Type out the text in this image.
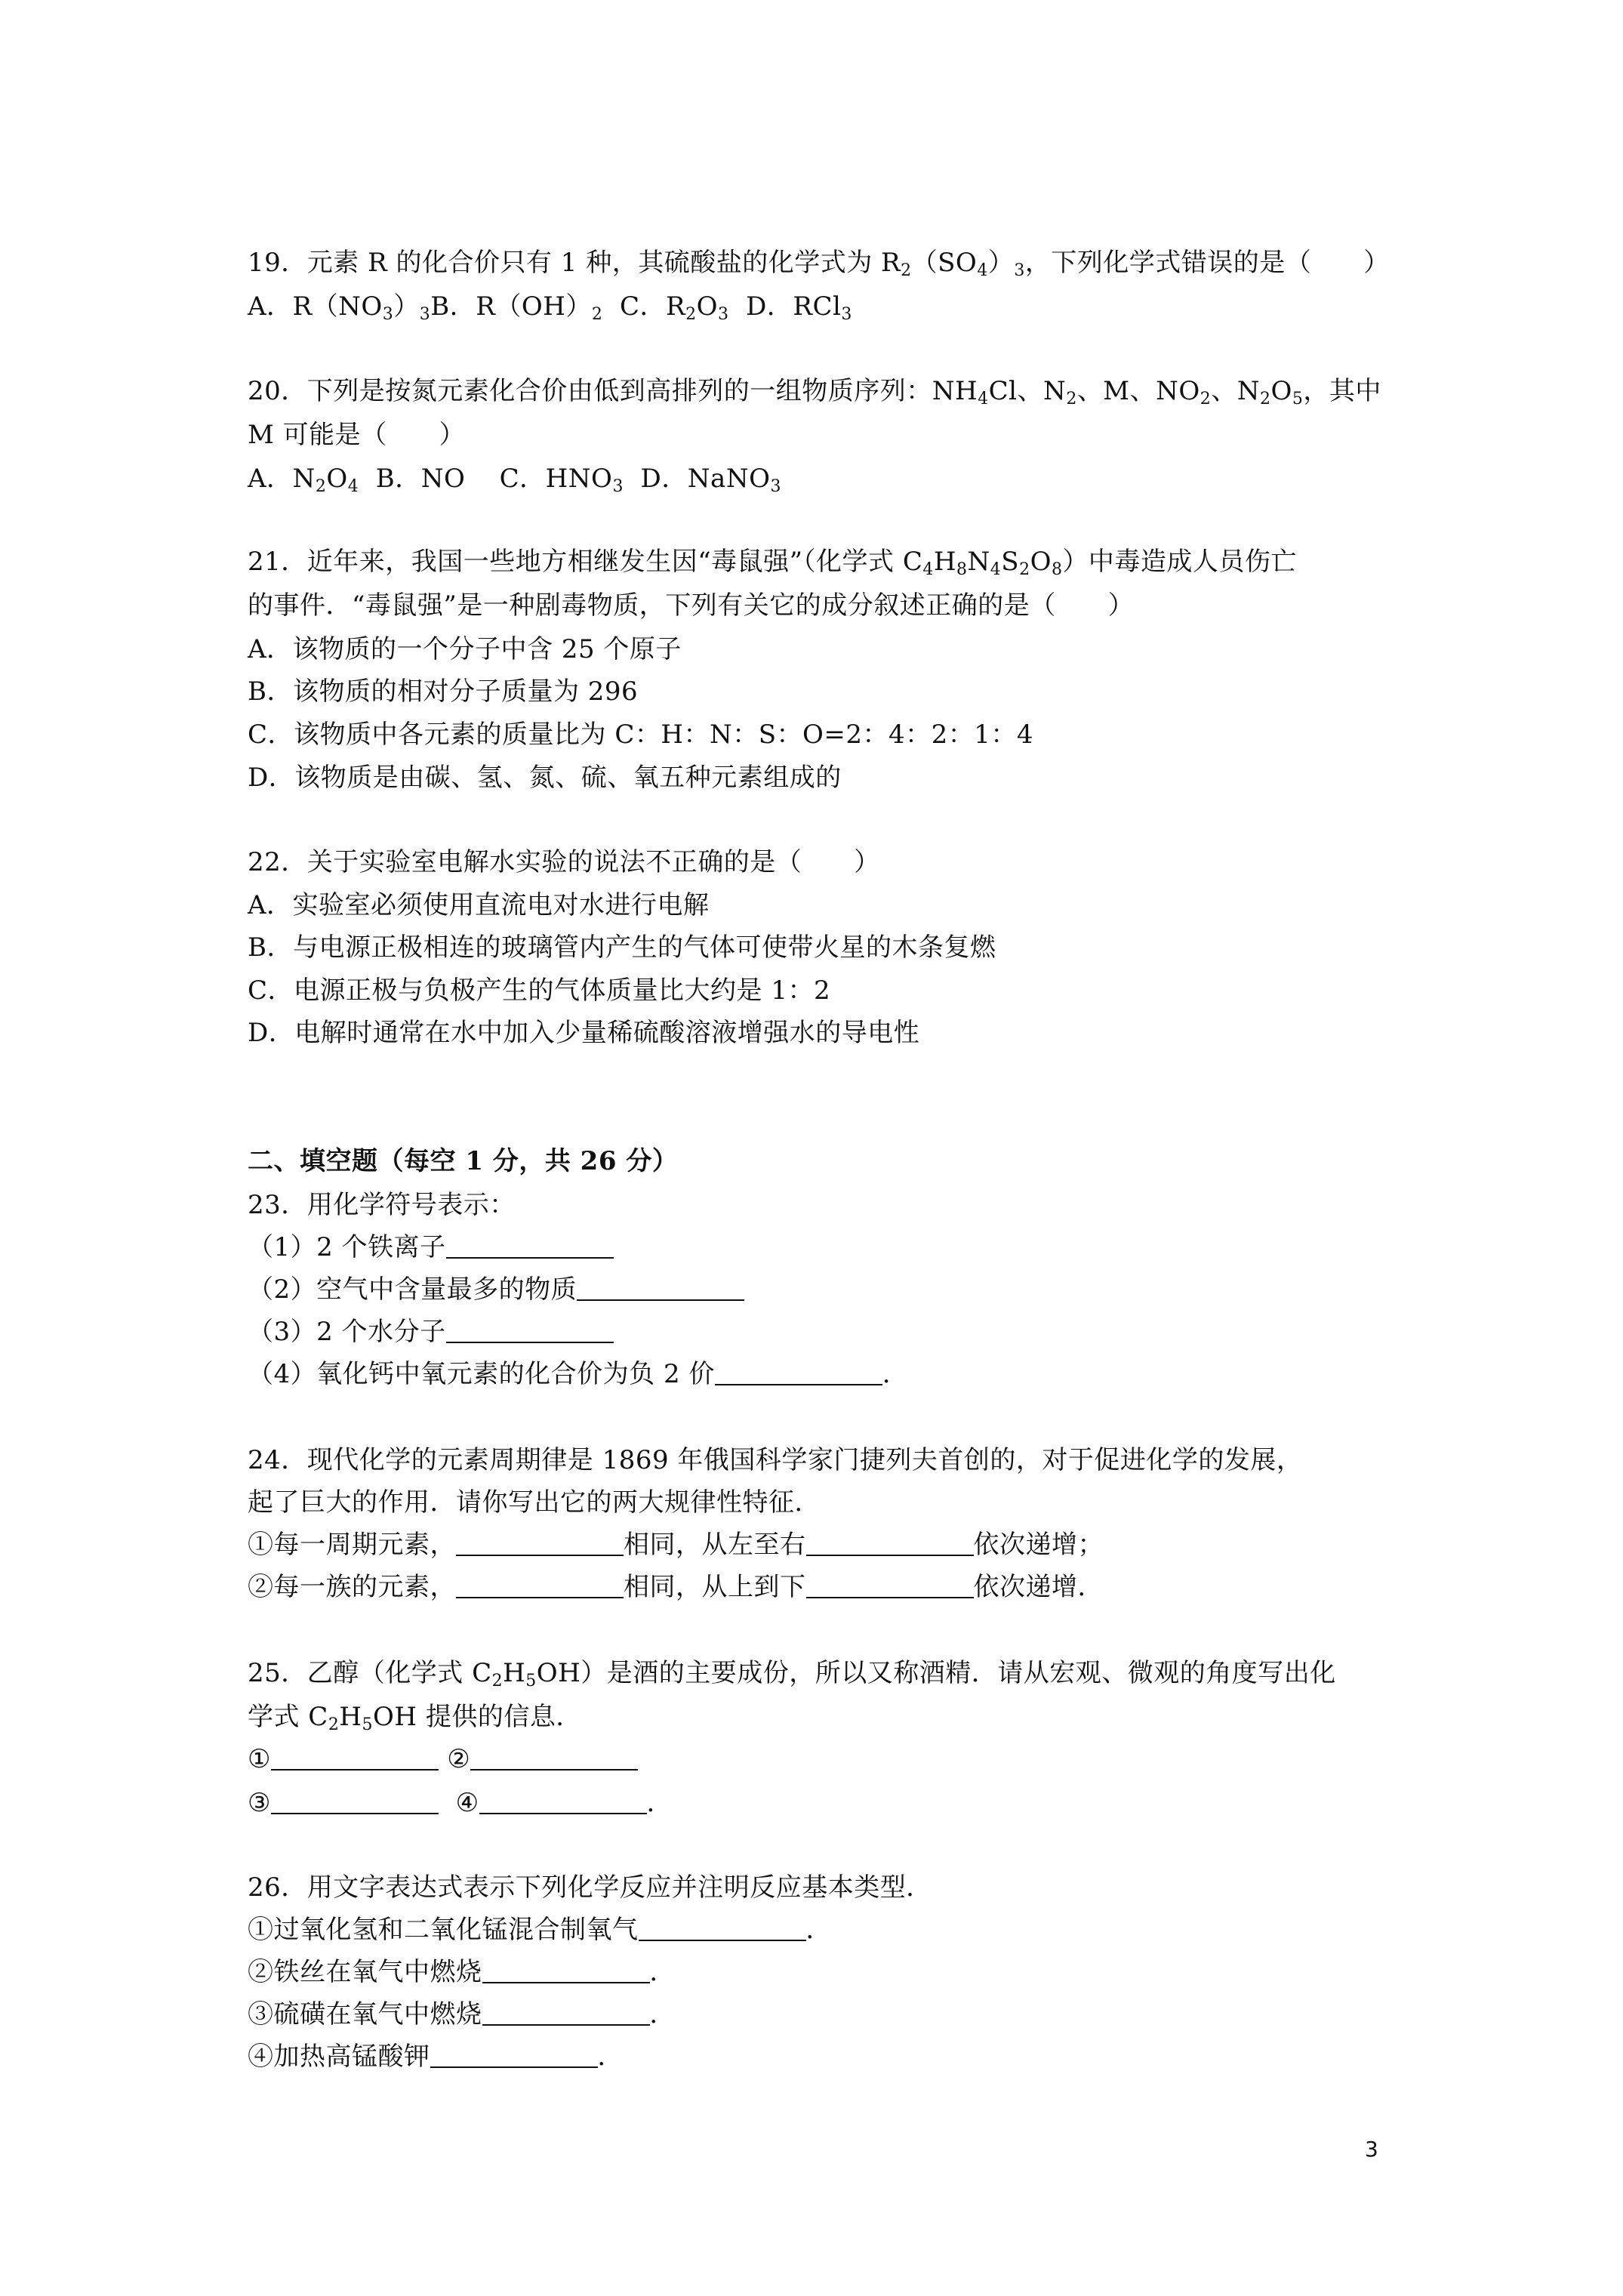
19．元素 R 的化合价只有 1 种，其硫酸盐的化学式为 $R_2(SO_4)_3$，下列化学式错误的是（　　）
A．$R(NO_3)_3B$．$R(OH)_2$  C．$R_2O_3$  D．RCl$_3$
20．下列是按氮元素化合价由低到高排列的一组物质序列：$NH_4Cl$、$N_2$、M、$NO_2$、$N_2O_5$，其中
M 可能是（　　）
A．$N_2O_4$  B．NO    C．$HNO_3$  D．NaNO$_3$
21．近年来，我国一些地方相继发生因“毒鼠强”（化学式 $C_4H_8N_4S_2O_8$）中毒造成人员伤亡
的事件．“毒鼠强”是一种剧毒物质，下列有关它的成分叙述正确的是（　　）
A．该物质的一个分子中含 25 个原子
B．该物质的相对分子质量为 296
C．该物质中各元素的质量比为 C：H：N：S：O=2：4：2：1：4
D．该物质是由碳、氢、氮、硫、氧五种元素组成的
22．关于实验室电解水实验的说法不正确的是（　　）
A．实验室必须使用直流电对水进行电解
B．与电源正极相连的玻璃管内产生的气体可使带火星的木条复燃
C．电源正极与负极产生的气体质量比大约是 1：2
D．电解时通常在水中加入少量稀硫酸溶液增强水的导电性
二、填空题（每空 1 分，共 26 分）
23．用化学符号表示：
（1）2 个铁离子
（2）空气中含量最多的物质
（3）2 个水分子
（4）氧化钙中氧元素的化合价为负 2 价	．
24．现代化学的元素周期律是 1869 年俄国科学家门捷列夫首创的，对于促进化学的发展，
起了巨大的作用．请你写出它的两大规律性特征．
①每一周期元素，	相同，从左至右	依次递增；
②每一族的元素，	相同，从上到下	依次递增．
25．乙醇（化学式 $C_2H_5OH$）是酒的主要成份，所以又称酒精．请从宏观、微观的角度写出化
学式 $C_2H_5OH$ 提供的信息．
①	②
③	④	．
26．用文字表达式表示下列化学反应并注明反应基本类型．
①过氧化氢和二氧化锰混合制氧气	．
②铁丝在氧气中燃烧	．
③硫磺在氧气中燃烧	．
④加热高锰酸钾	．
3
